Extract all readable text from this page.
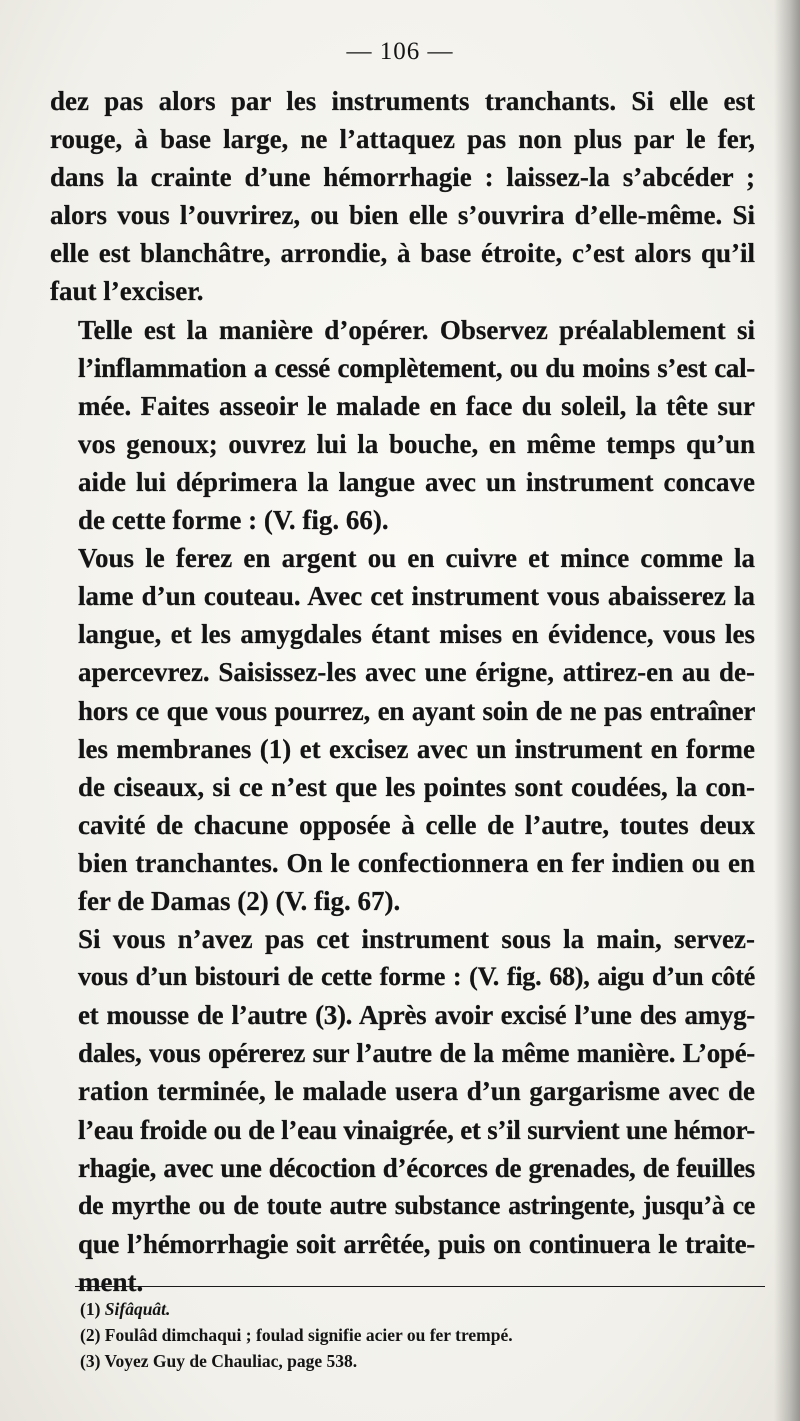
— 106 —

dez pas alors par les instruments tranchants. Si elle est
rouge, à base large, ne l’attaquez pas non plus par le fer,
dans la crainte d’une hémorrhagie : laissez-la s’abcéder ;
alors vous l’ouvrirez, ou bien elle s’ouvrira d’elle-même. Si
elle est blanchâtre, arrondie, à base étroite, c’est alors qu’il
faut l’exciser.

Telle est la manière d’opérer. Observez préalablement si
l’inflammation a cessé complètement, ou du moins s’est cal-
mée. Faites asseoir le malade en face du soleil, la tête sur
vos genoux; ouvrez lui la bouche, en même temps qu’un
aide lui déprimera la langue avec un instrument concave
de cette forme : (V. fig. 66).

Vous le ferez en argent ou en cuivre et mince comme la
lame d’un couteau. Avec cet instrument vous abaisserez la
langue, et les amygdales étant mises en évidence, vous les
apercevrez. Saisissez-les avec une érigne, attirez-en au de-
hors ce que vous pourrez, en ayant soin de ne pas entraîner
les membranes (1) et excisez avec un instrument en forme
de ciseaux, si ce n’est que les pointes sont coudées, la con-
cavité de chacune opposée à celle de l’autre, toutes deux
bien tranchantes. On le confectionnera en fer indien ou en
fer de Damas (2) (V. fig. 67).

Si vous n’avez pas cet instrument sous la main, servez-
vous d’un bistouri de cette forme : (V. fig. 68), aigu d’un côté
et mousse de l’autre (3). Après avoir excisé l’une des amyg-
dales, vous opérerez sur l’autre de la même manière. L’opé-
ration terminée, le malade usera d’un gargarisme avec de
l’eau froide ou de l’eau vinaigrée, et s’il survient une hémor-
rhagie, avec une décoction d’écorces de grenades, de feuilles
de myrthe ou de toute autre substance astringente, jusqu’à ce
que l’hémorrhagie soit arrêtée, puis on continuera le traite-
ment.

(1) Sifâquât.
(2) Foulâd dimchaqui ; foulad signifie acier ou fer trempé.
(3) Voyez Guy de Chauliac, page 538.
